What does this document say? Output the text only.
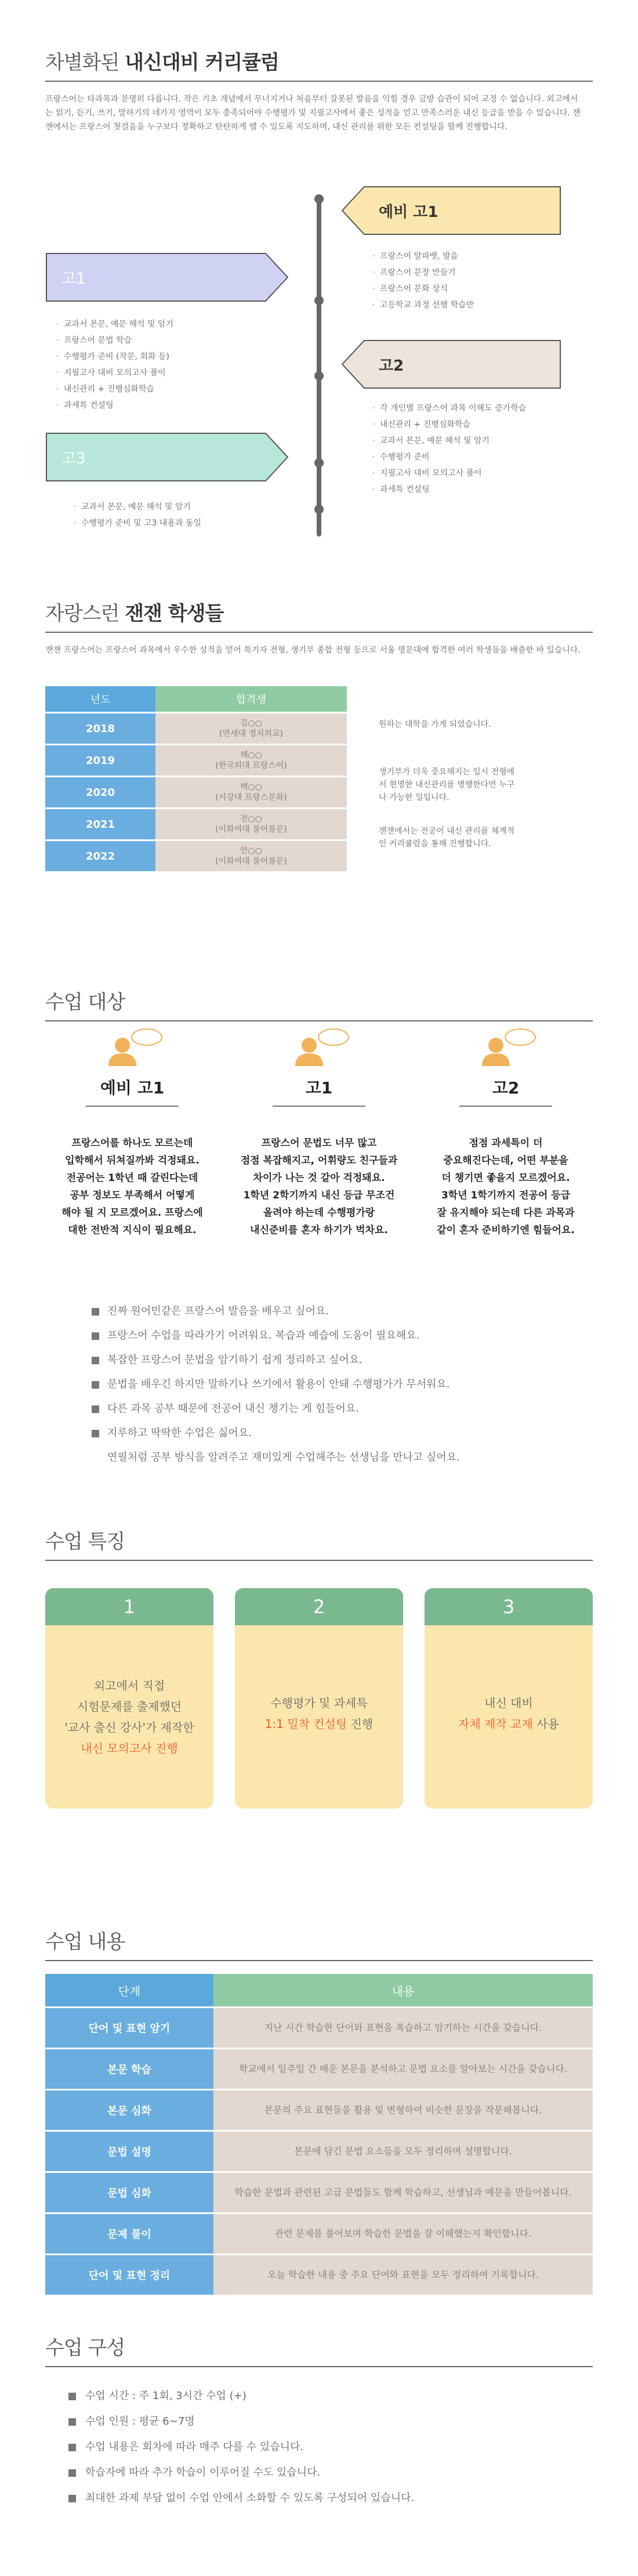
차별화된 내신대비 커리큘럼

프랑스어는 타과목과 분명히 다릅니다. 작은 기초 개념에서 무너지거나 처음부터 잘못된 발음을 익힐 경우 금방 습관이 되어 교정 수 없습니다. 외고에서는 읽기, 듣기, 쓰기, 말하기의 네가지 영역이 모두 충족되어야 수행평가 및 지필고사에서 좋은 성적을 얻고 만족스러운 내신 등급을 받을 수 있습니다. 잰잰에서는 프랑스어 첫걸음을 누구보다 정확하고 탄탄하게 뗄 수 있도록 지도하며, 내신 관리를 위한 모든 컨설팅을 함께 진행합니다.

예비 고1
· 프랑스어 알파벳, 발음
· 프랑스어 문장 만들기
· 프랑스어 문화 상식
· 고등학교 과정 선행 학습반
고1
· 교과서 본문, 예문 해석 및 암기
· 프랑스어 문법 학습
· 수행평가 준비 (작문, 회화 등)
· 지필고사 대비 모의고사 풀이
· 내신관리 + 진행심화학습
· 과세특 컨설팅
고2
· 각 개인별 프랑스어 과목 이해도 증가학습
· 내신관리 + 진행심화학습
· 교과서 본문, 예문 해석 및 암기
· 수행평가 준비
· 지필고사 대비 모의고사 풀이
· 과세특 컨설팅
고3
· 교과서 본문, 예문 해석 및 암기
· 수행평가 준비 및 고3 내용과 동일
자랑스런 잰잰 학생들

잰잰 프랑스어는 프랑스어 과목에서 우수한 성적을 얻어 특기자 전형, 생기부 종합 전형 등으로 서울 명문대에 합격한 여러 학생들을 배출한 바 있습니다.

년도	합격생
2018	김○○
(연세대 정치외교)

2019	해○○
(한국외대 프랑스어)

2020	백○○
(서강대 프랑스문화)

2021	전○○
(이화여대 불어불문)

2022	안○○
(이화여대 불어불문)

원하는 대학을 가게 되었습니다.

생기부가 더욱 중요해지는 입시 전형에서 현명한 내신관리를 병행한다면 누구나 가능한 일입니다.

잰잰에서는 전공어 내신 관리를 체계적인 커리큘럼을 통해 진행합니다.

수업 대상
예비 고1

프랑스어를 하나도 모르는데
입학해서 뒤쳐질까봐 걱정돼요.
전공어는 1학년 때 갈린다는데
공부 정보도 부족해서 어떻게
해야 될 지 모르겠어요. 프랑스에
대한 전반적 지식이 필요해요.

고1

프랑스어 문법도 너무 많고
점점 복잡해지고, 어휘량도 친구들과
차이가 나는 것 같아 걱정돼요.
1학년 2학기까지 내신 등급 무조건
올려야 하는데 수행평가랑
내신준비를 혼자 하기가 벅차요.

고2

점점 과세특이 더
중요해진다는데, 어떤 부분을
더 챙기면 좋을지 모르겠어요.
3학년 1학기까지 전공어 등급
잘 유지해야 되는데 다른 과목과
같이 혼자 준비하기엔 힘들어요.

진짜 원어민같은 프랑스어 발음을 배우고 싶어요.
프랑스어 수업을 따라가기 어려워요. 복습과 예습에 도움이 필요해요.
복잡한 프랑스어 문법을 암기하기 쉽게 정리하고 싶어요.
문법을 배우긴 하지만 말하기나 쓰기에서 활용이 안돼 수행평가가 무서워요.
다른 과목 공부 때문에 전공어 내신 챙기는 게 힘들어요.
지루하고 딱딱한 수업은 싫어요.
연필처럼 공부 방식을 알려주고 재미있게 수업해주는 선생님을 만나고 싶어요.
수업 특징
1
외고에서 직접
시험문제를 출제했던
'교사 출신 강사'가 제작한
내신 모의고사 진행
2
수행평가 및 과세특
1:1 밀착 컨설팅 진행
3
내신 대비
자체 제작 교재 사용
수업 내용
단계	내용
단어 및 표현 암기	지난 시간 학습한 단어와 표현을 복습하고 암기하는 시간을 갖습니다.
본문 학습	학교에서 일주일 간 배운 본문을 분석하고 문법 요소를 알아보는 시간을 갖습니다.
본문 심화	본문의 주요 표현들을 활용 및 변형하여 비슷한 문장을 작문해봅니다.
문법 설명	본문에 담긴 문법 요소들을 모두 정리하며 설명합니다.
문법 심화	학습한 문법과 관련된 고급 문법들도 함께 학습하고, 선생님과 예문을 만들어봅니다.
문제 풀이	관련 문제를 풀어보며 학습한 문법을 잘 이해했는지 확인합니다.
단어 및 표현 정리	오늘 학습한 내용 중 주요 단어와 표현을 모두 정리하여 기록합니다.
수업 구성
수업 시간 : 주 1회, 3시간 수업 (+)
수업 인원 : 평균 6~7명
수업 내용은 회차에 따라 매주 다를 수 있습니다.
학습자에 따라 추가 학습이 이루어질 수도 있습니다.
최대한 과제 부담 없이 수업 안에서 소화할 수 있도록 구성되어 있습니다.
